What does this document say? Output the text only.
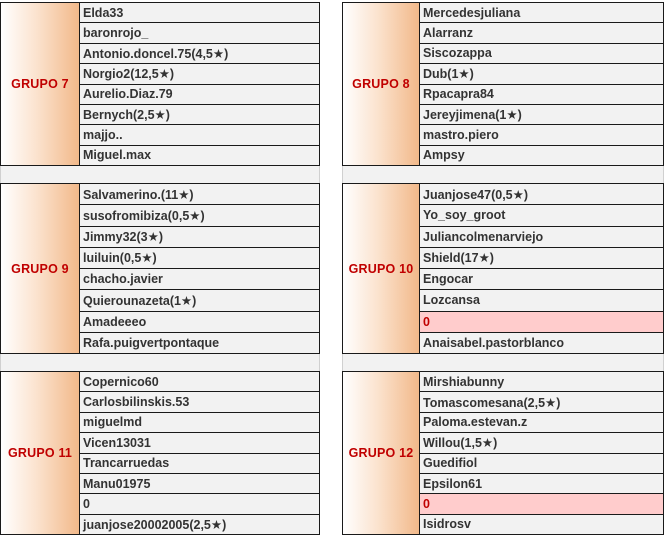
GRUPO 7
Elda33
baronrojo_
Antonio.doncel.75(4,5★)
Norgio2(12,5★)
Aurelio.Diaz.79
Bernych(2,5★)
majjo..
Miguel.max
GRUPO 8
Mercedesjuliana
Alarranz
Siscozappa
Dub(1★)
Rpacapra84
Jereyjimena(1★)
mastro.piero
Ampsy
GRUPO 9
Salvamerino.(11★)
susofromibiza(0,5★)
Jimmy32(3★)
luiluin(0,5★)
chacho.javier
Quierounazeta(1★)
Amadeeeo
Rafa.puigvertpontaque
GRUPO 10
Juanjose47(0,5★)
Yo_soy_groot
Juliancolmenarviejo
Shield(17★)
Engocar
Lozcansa
0
Anaisabel.pastorblanco
GRUPO 11
Copernico60
Carlosbilinskis.53
miguelmd
Vicen13031
Trancarruedas
Manu01975
0
juanjose20002005(2,5★)
GRUPO 12
Mirshiabunny
Tomascomesana(2,5★)
Paloma.estevan.z
Willou(1,5★)
Guedifiol
Epsilon61
0
Isidrosv
